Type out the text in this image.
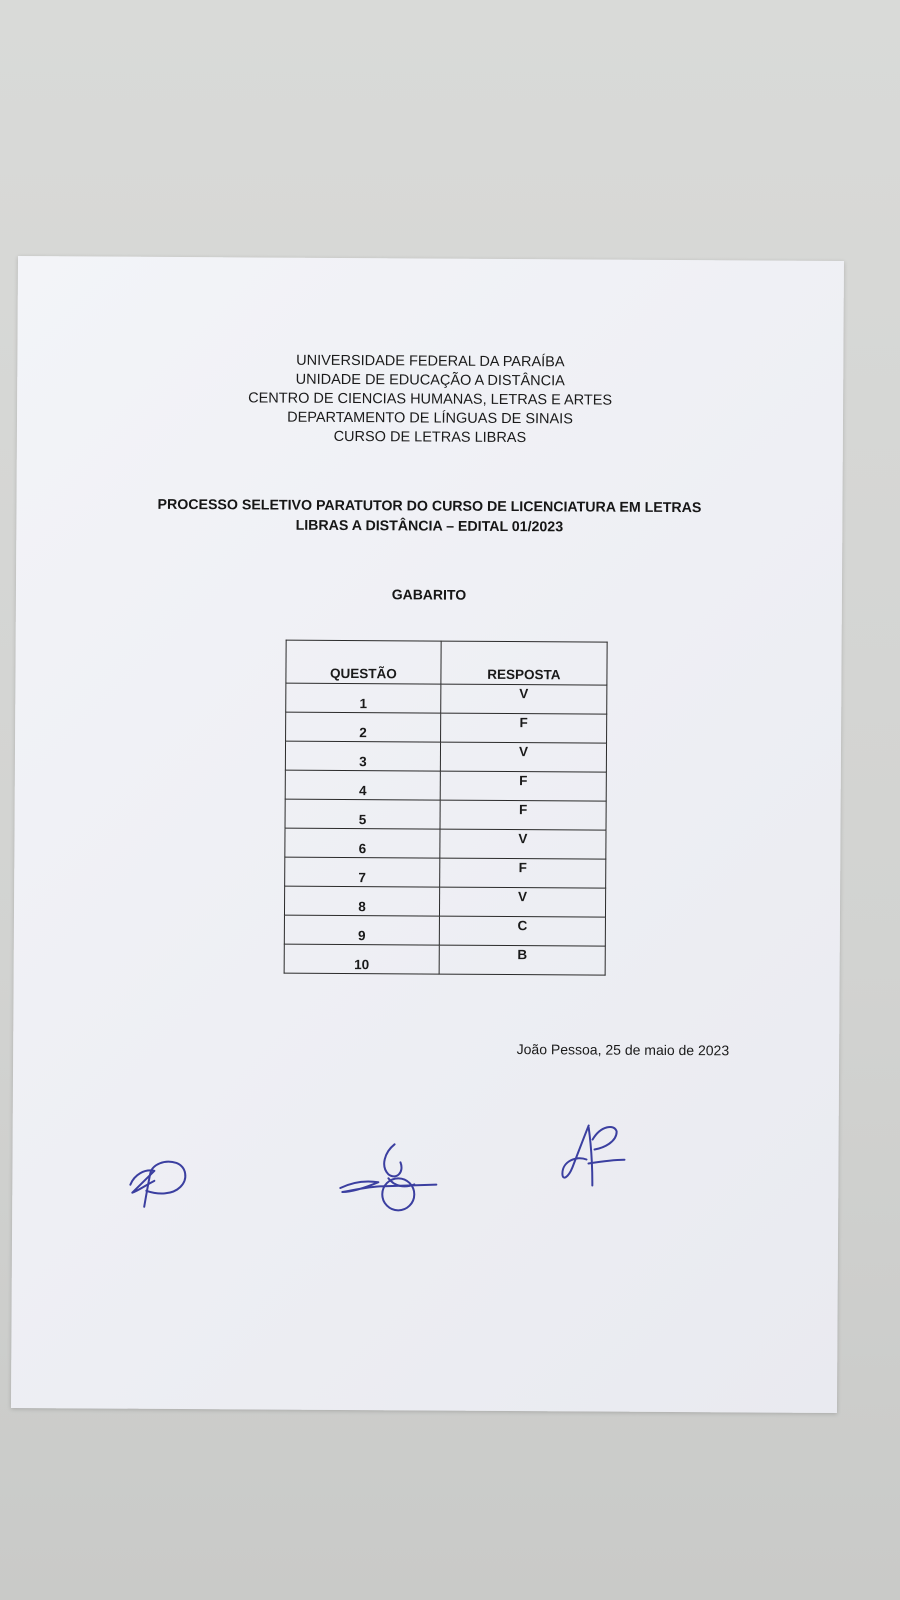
UNIVERSIDADE FEDERAL DA PARAÍBA
UNIDADE DE EDUCAÇÃO A DISTÂNCIA
CENTRO DE CIENCIAS HUMANAS, LETRAS E ARTES
DEPARTAMENTO DE LÍNGUAS DE SINAIS
CURSO DE LETRAS LIBRAS
PROCESSO SELETIVO PARATUTOR DO CURSO DE LICENCIATURA EM LETRAS
LIBRAS A DISTÂNCIA – EDITAL 01/2023
GABARITO
QUESTÃO	RESPOSTA
1	V
2	F
3	V
4	F
5	F
6	V
7	F
8	V
9	C
10	B
João Pessoa, 25 de maio de 2023
